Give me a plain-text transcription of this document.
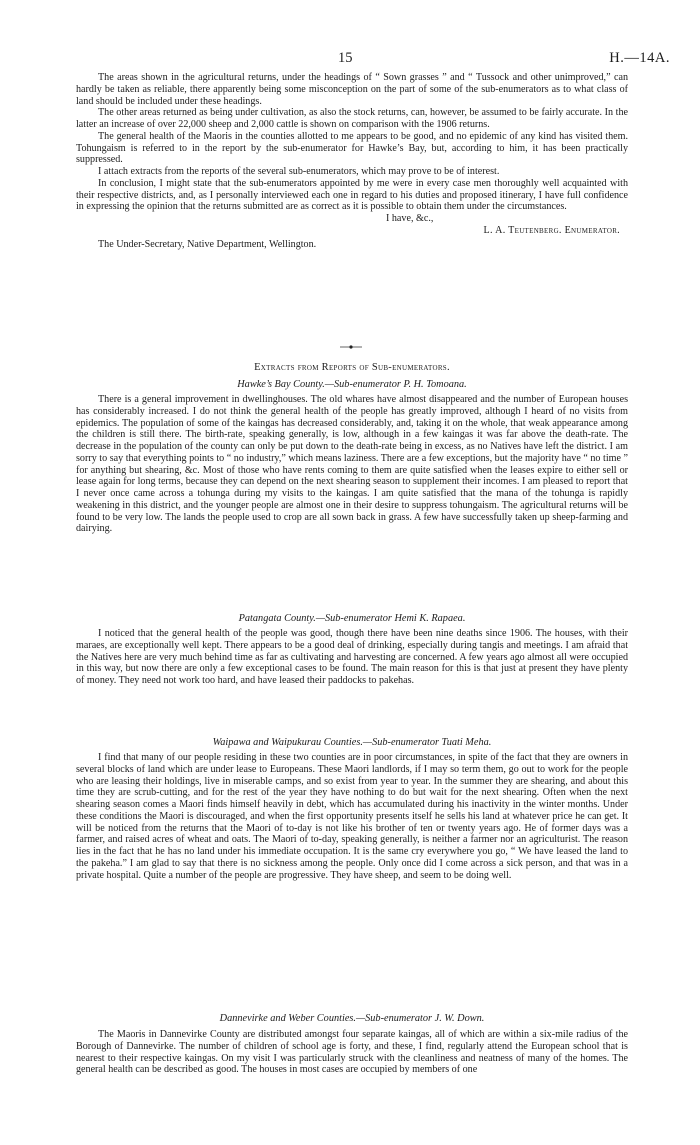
15	H.—14A.

The areas shown in the agricultural returns, under the headings of “ Sown grasses ” and “ Tussock and other unimproved,” can hardly be taken as reliable, there apparently being some misconception on the part of some of the sub-enumerators as to what class of land should be included under these headings.

The other areas returned as being under cultivation, as also the stock returns, can, however, be assumed to be fairly accurate. In the latter an increase of over 22,000 sheep and 2,000 cattle is shown on comparison with the 1906 returns.

The general health of the Maoris in the counties allotted to me appears to be good, and no epidemic of any kind has visited them. Tohungaism is referred to in the report by the sub-enumerator for Hawke’s Bay, but, according to him, it has been practically suppressed.

I attach extracts from the reports of the several sub-enumerators, which may prove to be of interest.

In conclusion, I might state that the sub-enumerators appointed by me were in every case men thoroughly well acquainted with their respective districts, and, as I personally interviewed each one in regard to his duties and proposed itinerary, I have full confidence in expressing the opinion that the returns submitted are as correct as it is possible to obtain them under the circumstances.

I have, &c.,

L. A. Teutenberg. Enumerator.

The Under-Secretary, Native Department, Wellington.

Extracts from Reports of Sub-enumerators.
Hawke’s Bay County.—Sub-enumerator P. H. Tomoana.

There is a general improvement in dwellinghouses. The old whares have almost disappeared and the number of European houses has considerably increased. I do not think the general health of the people has greatly improved, although I heard of no visits from epidemics. The population of some of the kaingas has decreased considerably, and, taking it on the whole, that weak appearance among the children is still there. The birth-rate, speaking generally, is low, although in a few kaingas it was far above the death-rate. The decrease in the population of the county can only be put down to the death-rate being in excess, as no Natives have left the district. I am sorry to say that everything points to “ no industry,” which means laziness. There are a few exceptions, but the majority have “ no time ” for anything but shearing, &c. Most of those who have rents coming to them are quite satisfied when the leases expire to either sell or lease again for long terms, because they can depend on the next shearing season to supplement their incomes. I am pleased to report that I never once came across a tohunga during my visits to the kaingas. I am quite satisfied that the mana of the tohunga is rapidly weakening in this district, and the younger people are almost one in their desire to suppress tohungaism. The agricultural returns will be found to be very low. The lands the people used to crop are all sown back in grass. A few have successfully taken up sheep-farming and dairying.

Patangata County.—Sub-enumerator Hemi K. Rapaea.

I noticed that the general health of the people was good, though there have been nine deaths since 1906. The houses, with their maraes, are exceptionally well kept. There appears to be a good deal of drinking, especially during tangis and meetings. I am afraid that the Natives here are very much behind time as far as cultivating and harvesting are concerned. A few years ago almost all were occupied in this way, but now there are only a few exceptional cases to be found. The main reason for this is that just at present they have plenty of money. They need not work too hard, and have leased their paddocks to pakehas.

Waipawa and Waipukurau Counties.—Sub-enumerator Tuati Meha.

I find that many of our people residing in these two counties are in poor circumstances, in spite of the fact that they are owners in several blocks of land which are under lease to Europeans. These Maori landlords, if I may so term them, go out to work for the people who are leasing their holdings, live in miserable camps, and so exist from year to year. In the summer they are shearing, and about this time they are scrub-cutting, and for the rest of the year they have nothing to do but wait for the next shearing. Often when the next shearing season comes a Maori finds himself heavily in debt, which has accumulated during his inactivity in the winter months. Under these conditions the Maori is discouraged, and when the first opportunity presents itself he sells his land at whatever price he can get. It will be noticed from the returns that the Maori of to-day is not like his brother of ten or twenty years ago. He of former days was a farmer, and raised acres of wheat and oats. The Maori of to-day, speaking generally, is neither a farmer nor an agriculturist. The reason lies in the fact that he has no land under his immediate occupation. It is the same cry everywhere you go, “ We have leased the land to the pakeha.” I am glad to say that there is no sickness among the people. Only once did I come across a sick person, and that was in a private hospital. Quite a number of the people are progressive. They have sheep, and seem to be doing well.

Dannevirke and Weber Counties.—Sub-enumerator J. W. Down.

The Maoris in Dannevirke County are distributed amongst four separate kaingas, all of which are within a six-mile radius of the Borough of Dannevirke. The number of children of school age is forty, and these, I find, regularly attend the European school that is nearest to their respective kaingas. On my visit I was particularly struck with the cleanliness and neatness of many of the homes. The general health can be described as good. The houses in most cases are occupied by members of one
